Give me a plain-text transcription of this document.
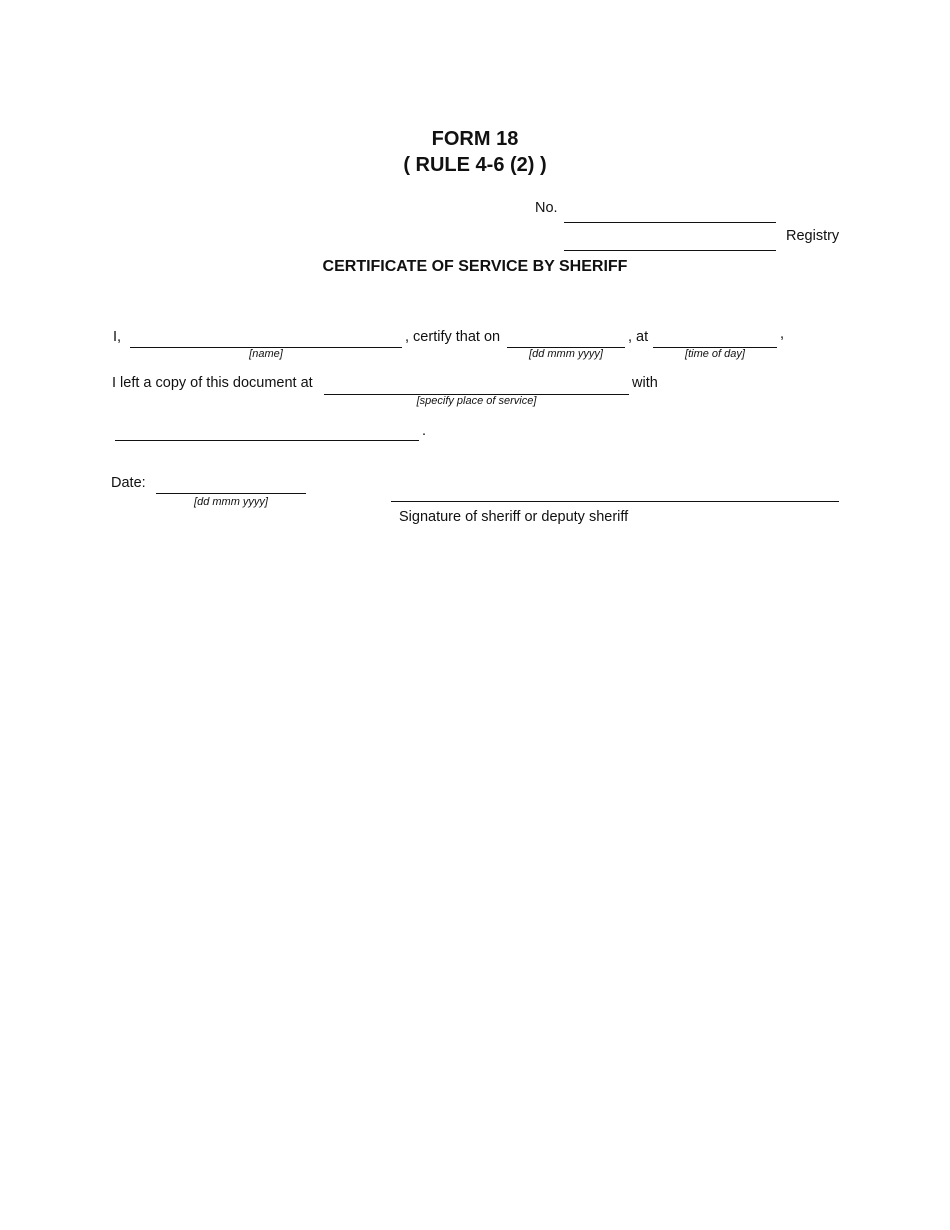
FORM 18
( RULE 4-6 (2) )
No.
Registry
CERTIFICATE OF SERVICE BY SHERIFF
I,
[name]
, certify that on
[dd mmm yyyy]
, at
[time of day]
,
I left a copy of this document at
[specify place of service]
with
.
Date:
[dd mmm yyyy]
Signature of sheriff or deputy sheriff
